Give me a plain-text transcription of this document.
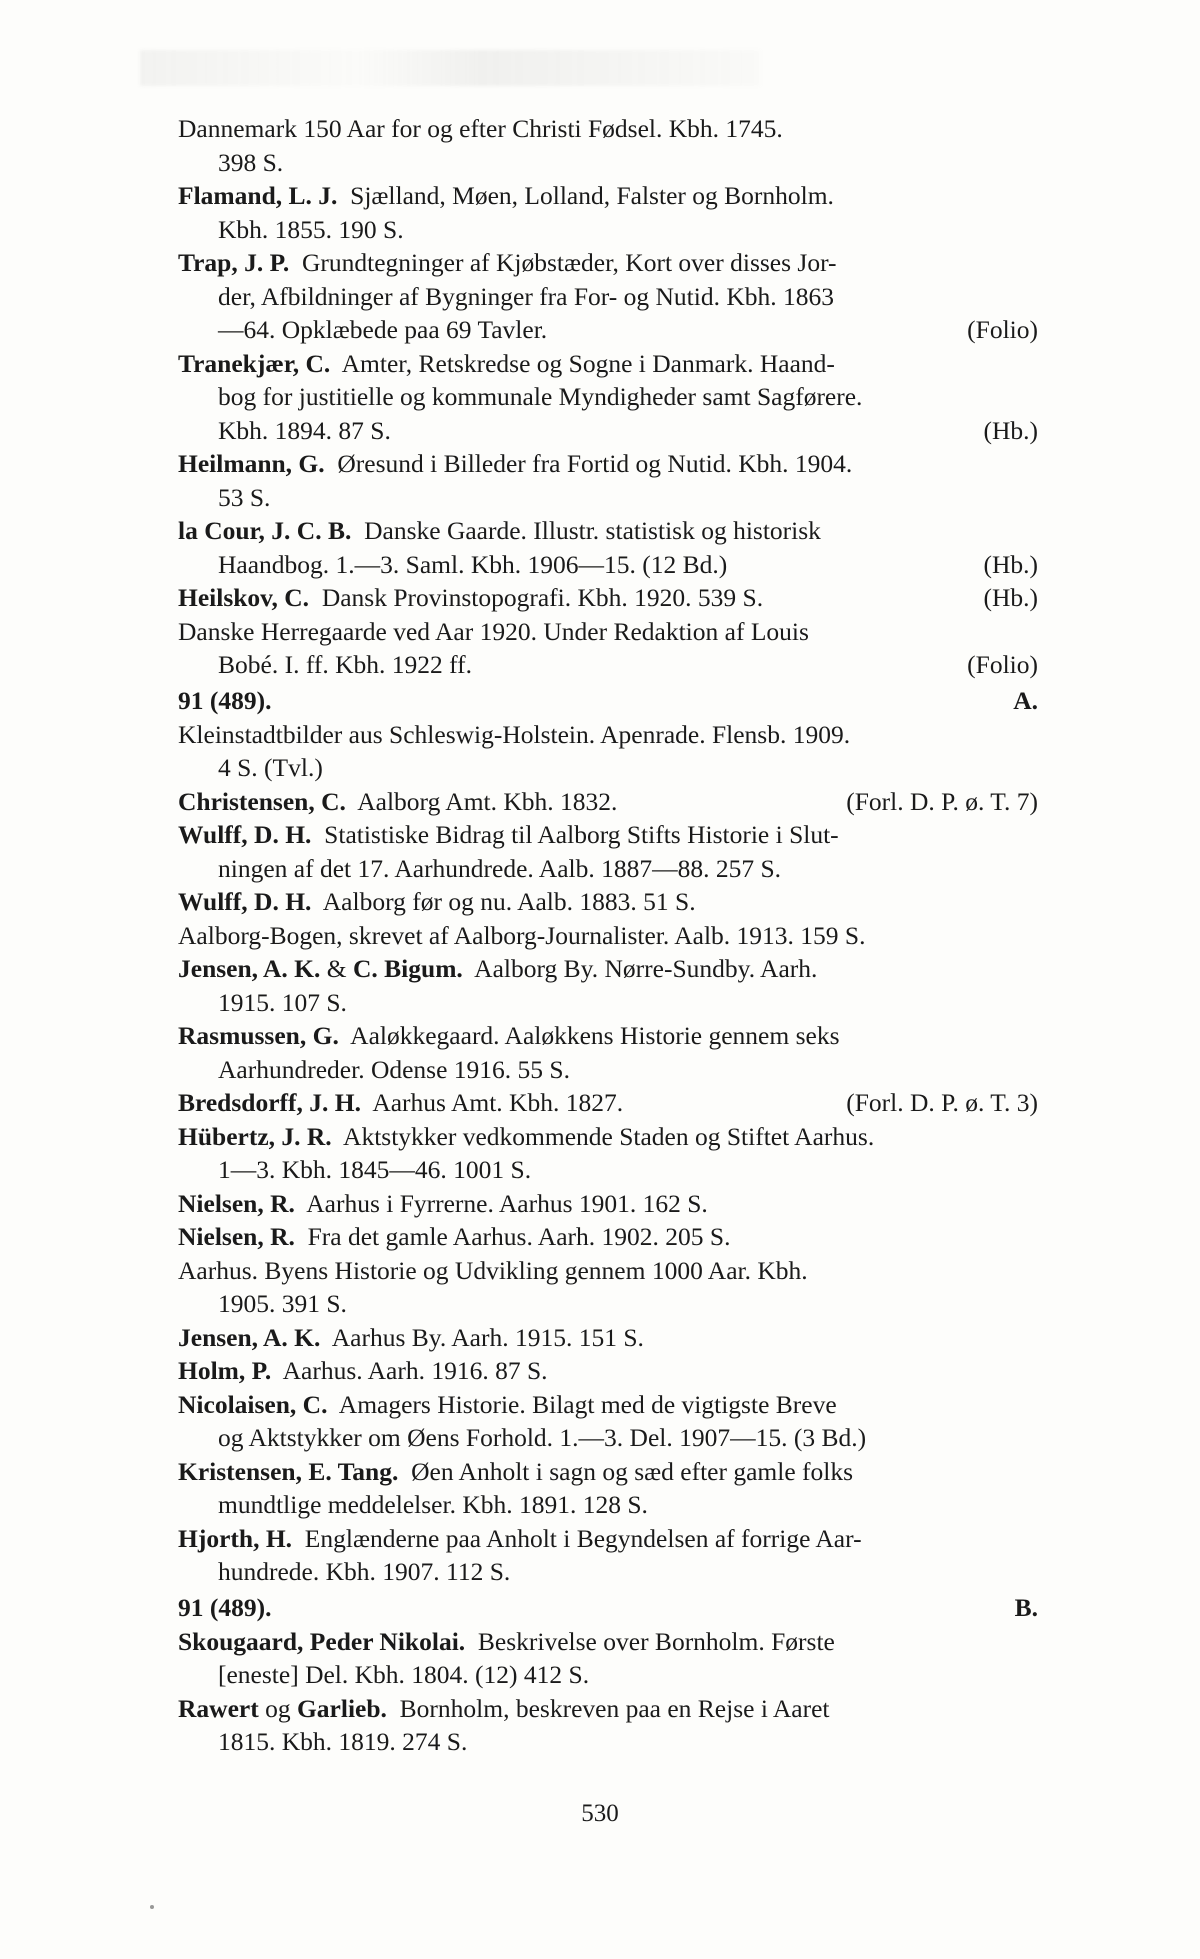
Dannemark 150 Aar for og efter Christi Fødsel. Kbh. 1745.
398 S.
Flamand, L. J.  Sjælland, Møen, Lolland, Falster og Bornholm.
Kbh. 1855. 190 S.
Trap, J. P.  Grundtegninger af Kjøbstæder, Kort over disses Jor-
der, Afbildninger af Bygninger fra For- og Nutid. Kbh. 1863
—64. Opklæbede paa 69 Tavler.	(Folio)
Tranekjær, C.  Amter, Retskredse og Sogne i Danmark. Haand-
bog for justitielle og kommunale Myndigheder samt Sagførere.
Kbh. 1894. 87 S.	(Hb.)
Heilmann, G.  Øresund i Billeder fra Fortid og Nutid. Kbh. 1904.
53 S.
la Cour, J. C. B.  Danske Gaarde. Illustr. statistisk og historisk
Haandbog. 1.—3. Saml. Kbh. 1906—15. (12 Bd.)	(Hb.)
Heilskov, C.  Dansk Provinstopografi. Kbh. 1920. 539 S.	(Hb.)
Danske Herregaarde ved Aar 1920. Under Redaktion af Louis
Bobé. I. ff. Kbh. 1922 ff.	(Folio)
91 (489).	A.
Kleinstadtbilder aus Schleswig-Holstein. Apenrade. Flensb. 1909.
4 S. (Tvl.)
Christensen, C.  Aalborg Amt. Kbh. 1832.	(Forl. D. P. ø. T. 7)
Wulff, D. H.  Statistiske Bidrag til Aalborg Stifts Historie i Slut-
ningen af det 17. Aarhundrede. Aalb. 1887—88. 257 S.
Wulff, D. H.  Aalborg før og nu. Aalb. 1883. 51 S.
Aalborg-Bogen, skrevet af Aalborg-Journalister. Aalb. 1913. 159 S.
Jensen, A. K. & C. Bigum.  Aalborg By. Nørre-Sundby. Aarh.
1915. 107 S.
Rasmussen, G.  Aaløkkegaard. Aaløkkens Historie gennem seks
Aarhundreder. Odense 1916. 55 S.
Bredsdorff, J. H.  Aarhus Amt. Kbh. 1827.	(Forl. D. P. ø. T. 3)
Hübertz, J. R.  Aktstykker vedkommende Staden og Stiftet Aarhus.
1—3. Kbh. 1845—46. 1001 S.
Nielsen, R.  Aarhus i Fyrrerne. Aarhus 1901. 162 S.
Nielsen, R.  Fra det gamle Aarhus. Aarh. 1902. 205 S.
Aarhus. Byens Historie og Udvikling gennem 1000 Aar. Kbh.
1905. 391 S.
Jensen, A. K.  Aarhus By. Aarh. 1915. 151 S.
Holm, P.  Aarhus. Aarh. 1916. 87 S.
Nicolaisen, C.  Amagers Historie. Bilagt med de vigtigste Breve
og Aktstykker om Øens Forhold. 1.—3. Del. 1907—15. (3 Bd.)
Kristensen, E. Tang.  Øen Anholt i sagn og sæd efter gamle folks
mundtlige meddelelser. Kbh. 1891. 128 S.
Hjorth, H.  Englænderne paa Anholt i Begyndelsen af forrige Aar-
hundrede. Kbh. 1907. 112 S.
91 (489).	B.
Skougaard, Peder Nikolai.  Beskrivelse over Bornholm. Første
[eneste] Del. Kbh. 1804. (12) 412 S.
Rawert og Garlieb.  Bornholm, beskreven paa en Rejse i Aaret
1815. Kbh. 1819. 274 S.
530
